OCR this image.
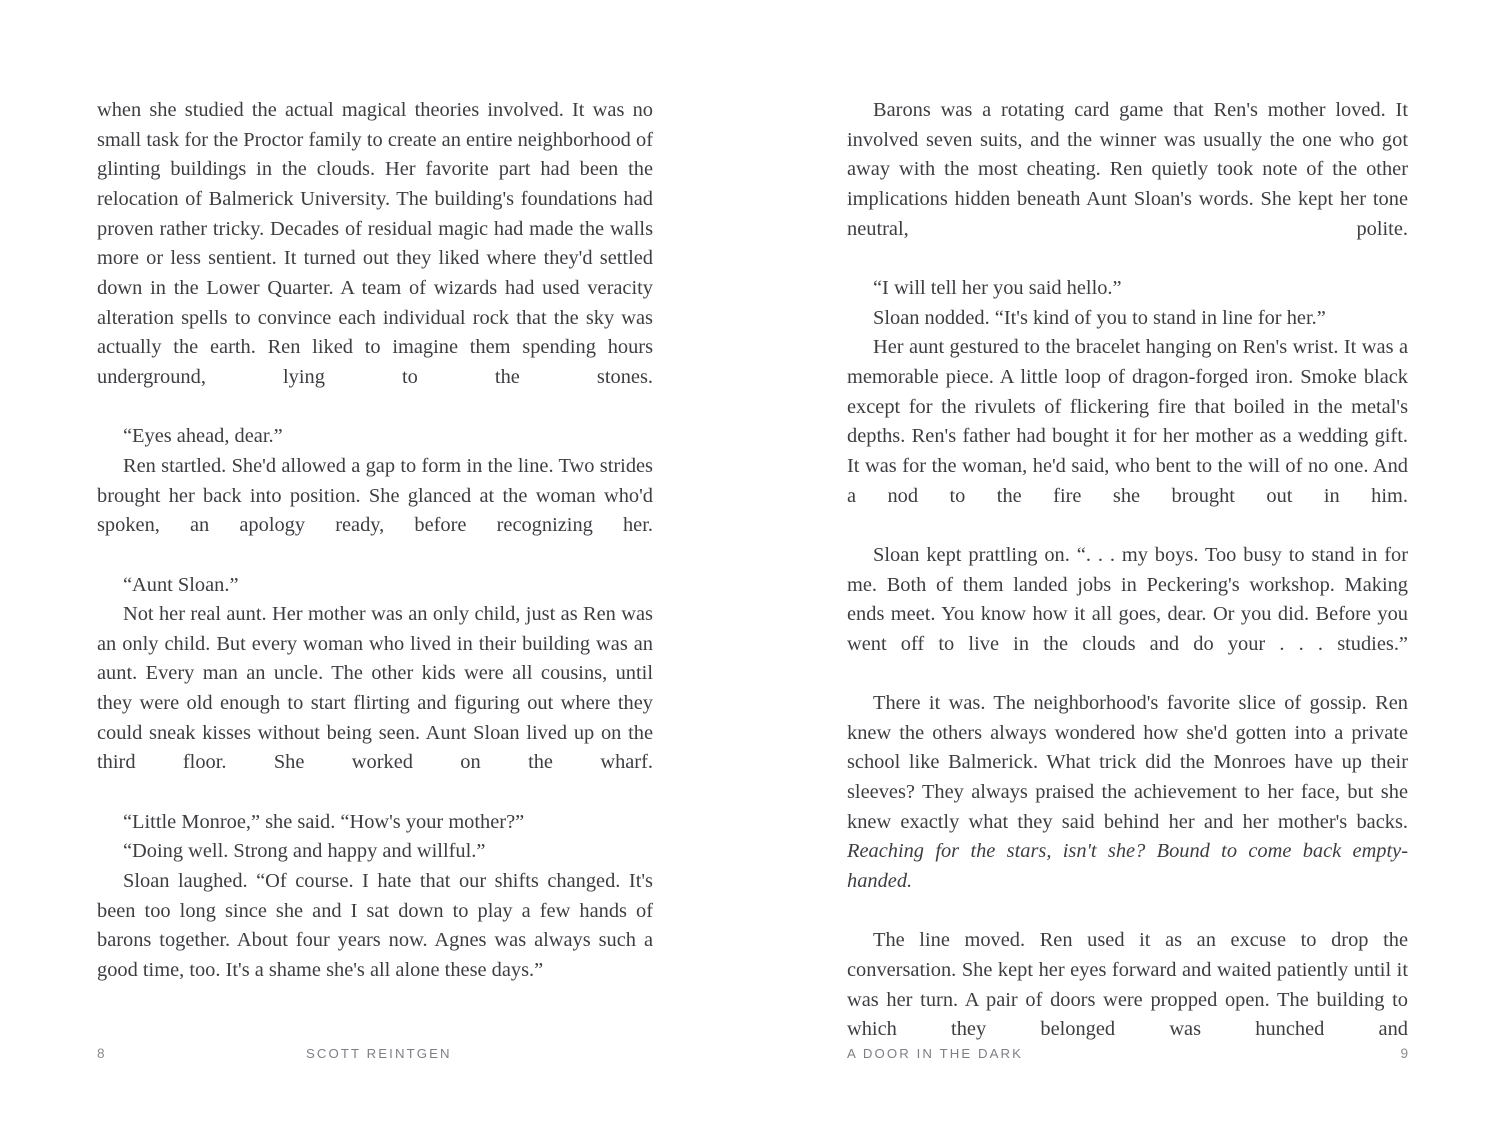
when she studied the actual magical theories involved. It was no small task for the Proctor family to create an entire neighborhood of glinting buildings in the clouds. Her favorite part had been the relocation of Balmerick University. The building's foundations had proven rather tricky. Decades of residual magic had made the walls more or less sentient. It turned out they liked where they'd settled down in the Lower Quarter. A team of wizards had used veracity alteration spells to convince each individual rock that the sky was actually the earth. Ren liked to imagine them spending hours underground, lying to the stones.

“Eyes ahead, dear.”

Ren startled. She'd allowed a gap to form in the line. Two strides brought her back into position. She glanced at the woman who'd spoken, an apology ready, before recognizing her.

“Aunt Sloan.”

Not her real aunt. Her mother was an only child, just as Ren was an only child. But every woman who lived in their building was an aunt. Every man an uncle. The other kids were all cousins, until they were old enough to start flirting and figuring out where they could sneak kisses without being seen. Aunt Sloan lived up on the third floor. She worked on the wharf.

“Little Monroe,” she said. “How's your mother?”

“Doing well. Strong and happy and willful.”

Sloan laughed. “Of course. I hate that our shifts changed. It's been too long since she and I sat down to play a few hands of barons together. About four years now. Agnes was always such a good time, too. It's a shame she's all alone these days.”

8	SCOTT REINTGEN

Barons was a rotating card game that Ren's mother loved. It involved seven suits, and the winner was usually the one who got away with the most cheating. Ren quietly took note of the other implications hidden beneath Aunt Sloan's words. She kept her tone neutral, polite.

“I will tell her you said hello.”

Sloan nodded. “It's kind of you to stand in line for her.”

Her aunt gestured to the bracelet hanging on Ren's wrist. It was a memorable piece. A little loop of dragon-forged iron. Smoke black except for the rivulets of flickering fire that boiled in the metal's depths. Ren's father had bought it for her mother as a wedding gift. It was for the woman, he'd said, who bent to the will of no one. And a nod to the fire she brought out in him.

Sloan kept prattling on. “. . . my boys. Too busy to stand in for me. Both of them landed jobs in Peckering's workshop. Making ends meet. You know how it all goes, dear. Or you did. Before you went off to live in the clouds and do your . . . studies.”

There it was. The neighborhood's favorite slice of gossip. Ren knew the others always wondered how she'd gotten into a private school like Balmerick. What trick did the Monroes have up their sleeves? They always praised the achievement to her face, but she knew exactly what they said behind her and her mother's backs. Reaching for the stars, isn't she? Bound to come back empty-handed.

The line moved. Ren used it as an excuse to drop the conversation. She kept her eyes forward and waited patiently until it was her turn. A pair of doors were propped open. The building to which they belonged was hunched and

A DOOR IN THE DARK	9
